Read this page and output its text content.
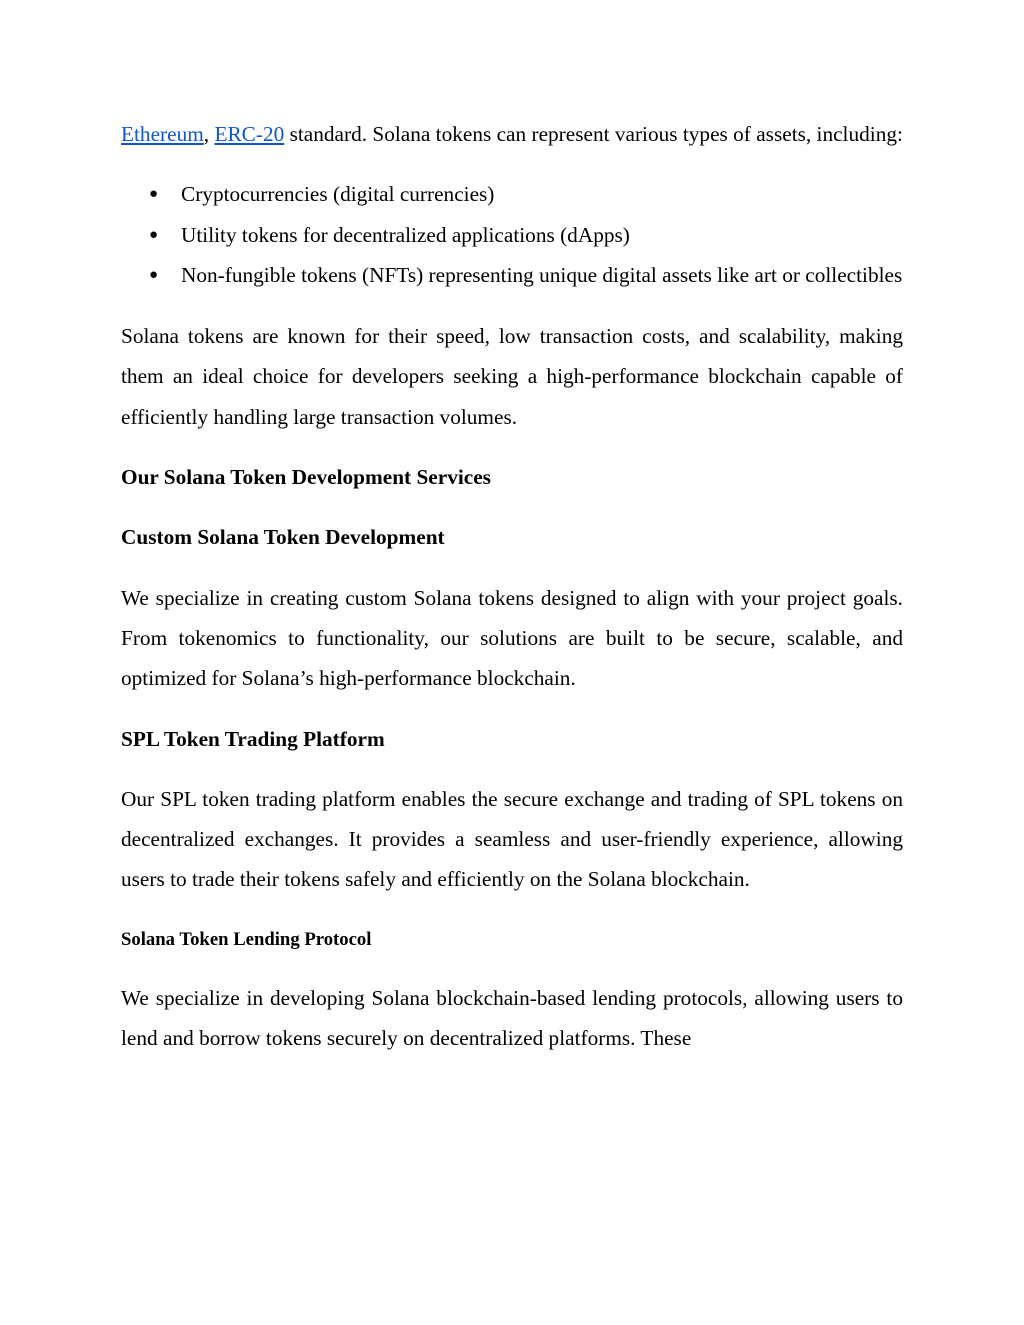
Ethereum, ERC-20 standard. Solana tokens can represent various types of assets, including:

● Cryptocurrencies (digital currencies)
● Utility tokens for decentralized applications (dApps)
● Non-fungible tokens (NFTs) representing unique digital assets like art or collectibles

Solana tokens are known for their speed, low transaction costs, and scalability, making them an ideal choice for developers seeking a high-performance blockchain capable of efficiently handling large transaction volumes.

Our Solana Token Development Services
Custom Solana Token Development

We specialize in creating custom Solana tokens designed to align with your project goals. From tokenomics to functionality, our solutions are built to be secure, scalable, and optimized for Solana’s high-performance blockchain.

SPL Token Trading Platform

Our SPL token trading platform enables the secure exchange and trading of SPL tokens on decentralized exchanges. It provides a seamless and user-friendly experience, allowing users to trade their tokens safely and efficiently on the Solana blockchain.

Solana Token Lending Protocol

We specialize in developing Solana blockchain-based lending protocols, allowing users to lend and borrow tokens securely on decentralized platforms. These
